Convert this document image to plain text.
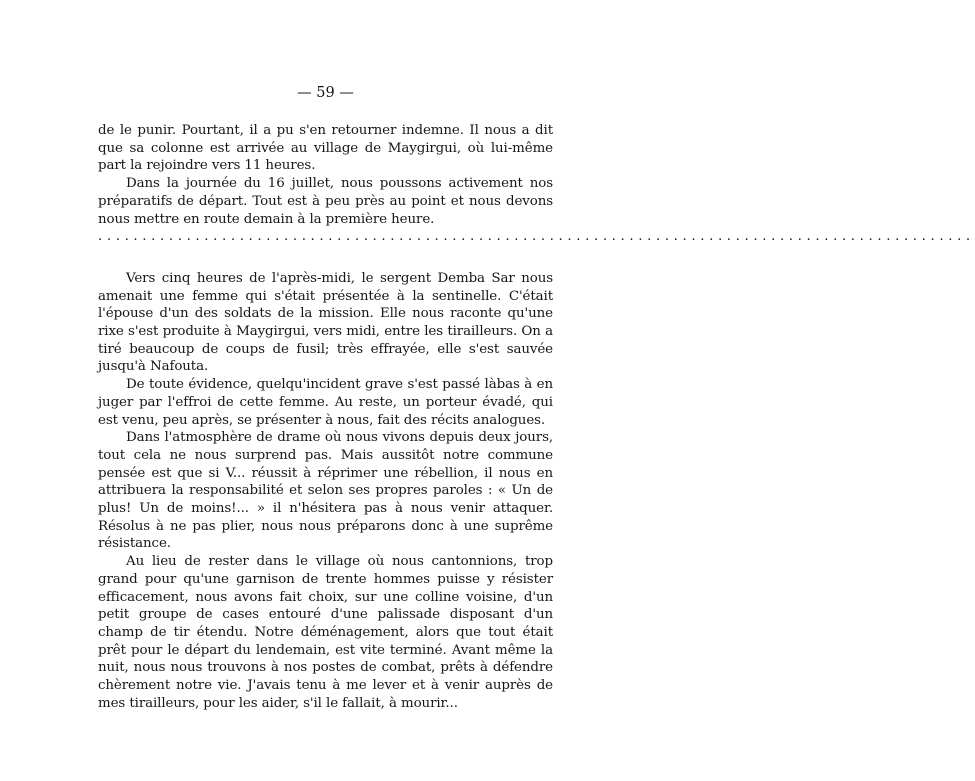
— 59 —

de le punir. Pourtant, il a pu s'en retourner indemne. Il nous a dit que sa colonne est arrivée au village de Maygirgui, où lui-même part la rejoindre vers 11 heures.

Dans la journée du 16 juillet, nous poussons activement nos préparatifs de départ. Tout est à peu près au point et nous devons nous mettre en route demain à la première heure.

...................................................................................................

Vers cinq heures de l'après-midi, le sergent Demba Sar nous amenait une femme qui s'était présentée à la sentinelle. C'était l'épouse d'un des soldats de la mission. Elle nous raconte qu'une rixe s'est produite à Maygirgui, vers midi, entre les tirailleurs. On a tiré beaucoup de coups de fusil; très effrayée, elle s'est sauvée jusqu'à Nafouta.

De toute évidence, quelqu'incident grave s'est passé làbas à en juger par l'effroi de cette femme. Au reste, un porteur évadé, qui est venu, peu après, se présenter à nous, fait des récits analogues.

Dans l'atmosphère de drame où nous vivons depuis deux jours, tout cela ne nous surprend pas. Mais aussitôt notre commune pensée est que si V... réussit à réprimer une rébellion, il nous en attribuera la responsabilité et selon ses propres paroles : « Un de plus! Un de moins!... » il n'hésitera pas à nous venir attaquer. Résolus à ne pas plier, nous nous préparons donc à une suprême résistance.

Au lieu de rester dans le village où nous cantonnions, trop grand pour qu'une garnison de trente hommes puisse y résister efficacement, nous avons fait choix, sur une colline voisine, d'un petit groupe de cases entouré d'une palissade disposant d'un champ de tir étendu. Notre déménagement, alors que tout était prêt pour le départ du lendemain, est vite terminé. Avant même la nuit, nous nous trouvons à nos postes de combat, prêts à défendre chèrement notre vie. J'avais tenu à me lever et à venir auprès de mes tirailleurs, pour les aider, s'il le fallait, à mourir...
